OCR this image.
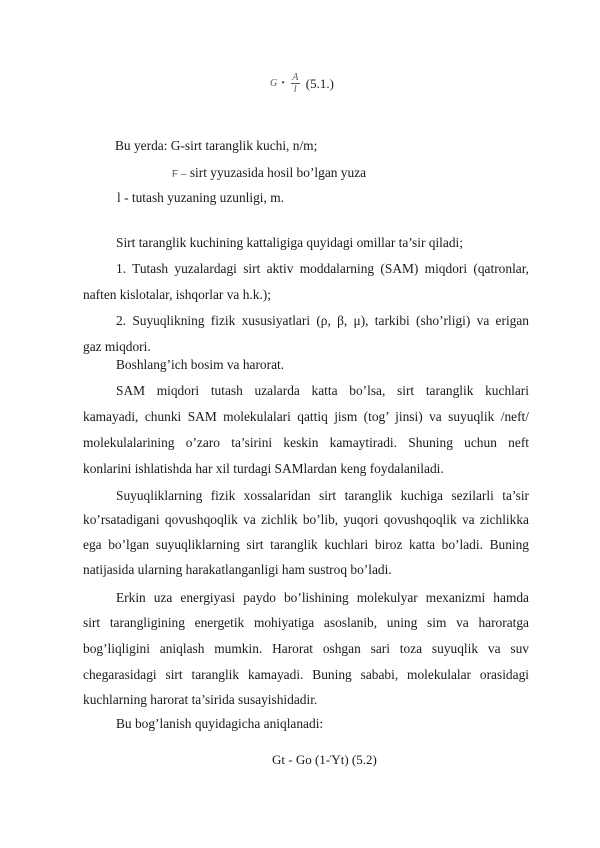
G • $\frac{A}{l} (5.1.)$
Bu yerda: G-sirt taranglik kuchi, n/m;
F – sirt yyuzasida hosil bo’lgan yuza
l - tutash yuzaning uzunligi, m.
Sirt taranglik kuchining kattaligiga quyidagi omillar ta’sir qiladi;
1. Tutash yuzalardagi sirt aktiv moddalarning (SAM) miqdori (qatronlar,
naften kislotalar, ishqorlar va h.k.);
2. Suyuqlikning fizik xususiyatlari (ρ, β, μ), tarkibi (sho’rligi) va erigan
gaz miqdori.
Boshlang’ich bosim va harorat.
SAM miqdori tutash uzalarda katta bo’lsa, sirt taranglik kuchlari
kamayadi, chunki SAM molekulalari qattiq jism (tog’ jinsi) va suyuqlik /neft/
molekulalarining o’zaro ta’sirini keskin kamaytiradi. Shuning uchun neft
konlarini ishlatishda har xil turdagi SAMlardan keng foydalaniladi.
Suyuqliklarning fizik xossalaridan sirt taranglik kuchiga sezilarli ta’sir
ko’rsatadigani qovushqoqlik va zichlik bo’lib, yuqori qovushqoqlik va zichlikka
ega bo’lgan suyuqliklarning sirt taranglik kuchlari biroz katta bo’ladi. Buning
natijasida ularning harakatlanganligi ham sustroq bo’ladi.
Erkin uza energiyasi paydo bo’lishining molekulyar mexanizmi hamda
sirt tarangligining energetik mohiyatiga asoslanib, uning sim va haroratga
bog’liqligini aniqlash mumkin. Harorat oshgan sari toza suyuqlik va suv
chegarasidagi sirt taranglik kamayadi. Buning sababi, molekulalar orasidagi
kuchlarning harorat ta’sirida susayishidadir.
Bu bog’lanish quyidagicha aniqlanadi:
Gt - Go (1-Ύt) (5.2)
